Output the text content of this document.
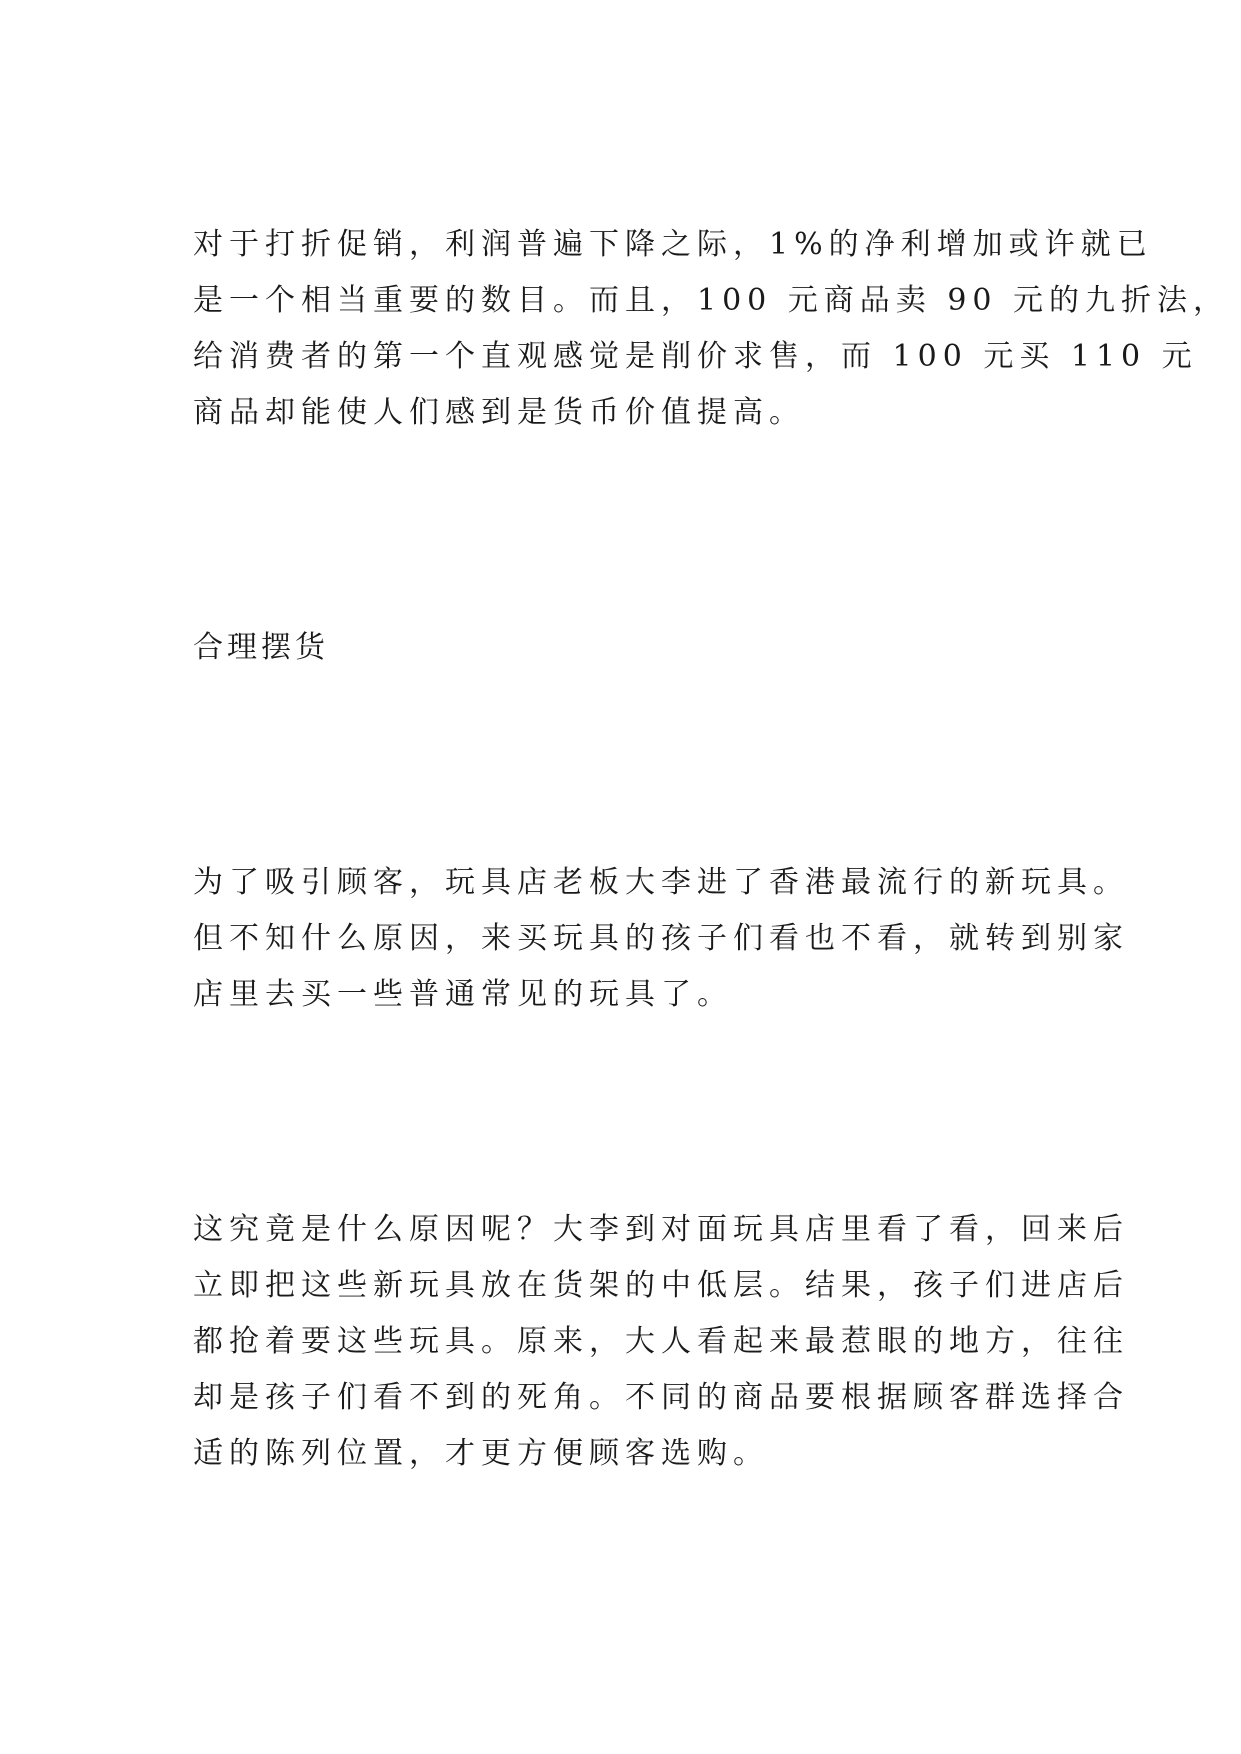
对于打折促销，利润普遍下降之际，1%的净利增加或许就已

是一个相当重要的数目。而且，100 元商品卖 90 元的九折法，

给消费者的第一个直观感觉是削价求售，而 100 元买 110 元

商品却能使人们感到是货币价值提高。

合理摆货

为了吸引顾客，玩具店老板大李进了香港最流行的新玩具。

但不知什么原因，来买玩具的孩子们看也不看，就转到别家

店里去买一些普通常见的玩具了。

这究竟是什么原因呢？大李到对面玩具店里看了看，回来后

立即把这些新玩具放在货架的中低层。结果，孩子们进店后

都抢着要这些玩具。原来，大人看起来最惹眼的地方，往往

却是孩子们看不到的死角。不同的商品要根据顾客群选择合

适的陈列位置，才更方便顾客选购。
